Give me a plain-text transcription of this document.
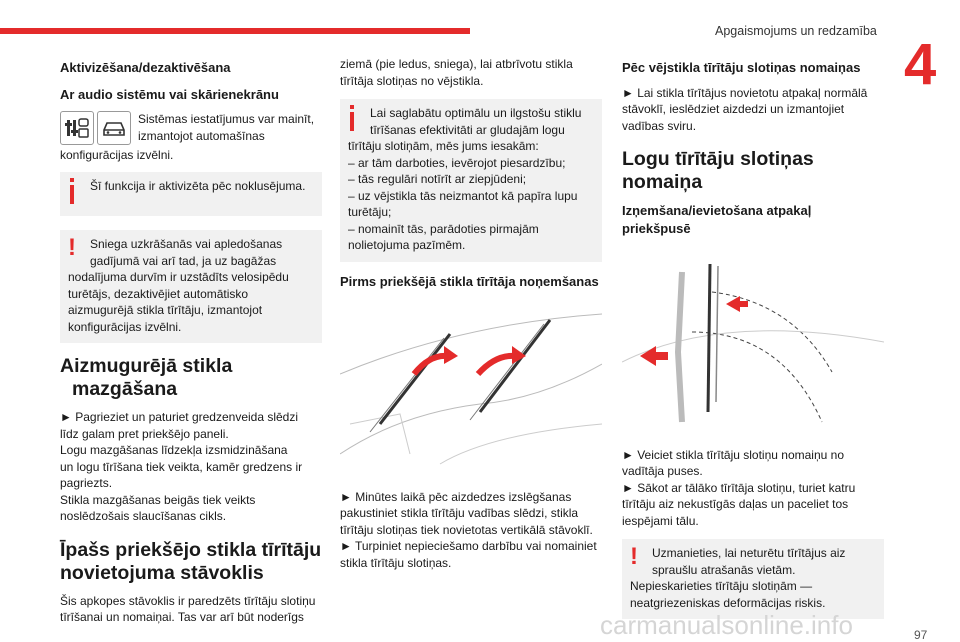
Apgaismojums un redzamība
4
Aktivizēšana/dezaktivēšana
Ar audio sistēmu vai skārienekrānu
Sistēmas iestatījumus var mainīt,
izmantojot automašīnas

konfigurācijas izvēlni.

Šī funkcija ir aktivizēta pēc noklusējuma.
!	Sniega uzkrāšanās vai apledošanas
gadījumā vai arī tad, ja uz bagāžas
nodalījuma durvīm ir uzstādīts velosipēdu
turētājs, dezaktivējiet automātisko
aizmugurējā stikla tīrītāju, izmantojot
konfigurācijas izvēlni.
Aizmugurējā stikla
mazgāšana
► Pagrieziet un paturiet gredzenveida slēdzi
līdz galam pret priekšējo paneli.
Logu mazgāšanas līdzekļa izsmidzināšana
un logu tīrīšana tiek veikta, kamēr gredzens ir
pagriezts.
Stikla mazgāšanas beigās tiek veikts
noslēdzošais slaucīšanas cikls.
Īpašs priekšējo stikla tīrītāju
novietojuma stāvoklis
Šis apkopes stāvoklis ir paredzēts tīrītāju slotiņu
tīrīšanai un nomaiņai. Tas var arī būt noderīgs
ziemā (pie ledus, sniega), lai atbrīvotu stikla
tīrītāja slotiņas no vējstikla.
Lai saglabātu optimālu un ilgstošu stiklu
tīrīšanas efektivitāti ar gludajām logu
tīrītāju slotiņām, mēs jums iesakām:
– ar tām darboties, ievērojot piesardzību;
– tās regulāri notīrīt ar ziepjūdeni;
– uz vējstikla tās neizmantot kā papīra lupu
turētāju;
– nomainīt tās, parādoties pirmajām
nolietojuma pazīmēm.
Pirms priekšējā stikla tīrītāja noņemšanas
► Minūtes laikā pēc aizdedzes izslēgšanas
pakustiniet stikla tīrītāju vadības slēdzi, stikla
tīrītāju slotiņas tiek novietotas vertikālā stāvoklī.
► Turpiniet nepieciešamo darbību vai nomainiet
stikla tīrītāju slotiņas.
Pēc vējstikla tīrītāju slotiņas nomaiņas
► Lai stikla tīrītājus novietotu atpakaļ normālā
stāvoklī, ieslēdziet aizdedzi un izmantojiet
vadības sviru.
Logu tīrītāju slotiņas
nomaiņa
Izņemšana/ievietošana atpakaļ
priekšpusē
► Veiciet stikla tīrītāju slotiņu nomaiņu no
vadītāja puses.
► Sākot ar tālāko tīrītāja slotiņu, turiet katru
tīrītāju aiz nekustīgās daļas un paceliet tos
iespējami tālu.
!	Uzmanieties, lai neturētu tīrītājus aiz
spraušlu atrašanās vietām.
Nepieskarieties tīrītāju slotiņām —
neatgriezeniskas deformācijas riskis.
carmanualsonline.info	97
